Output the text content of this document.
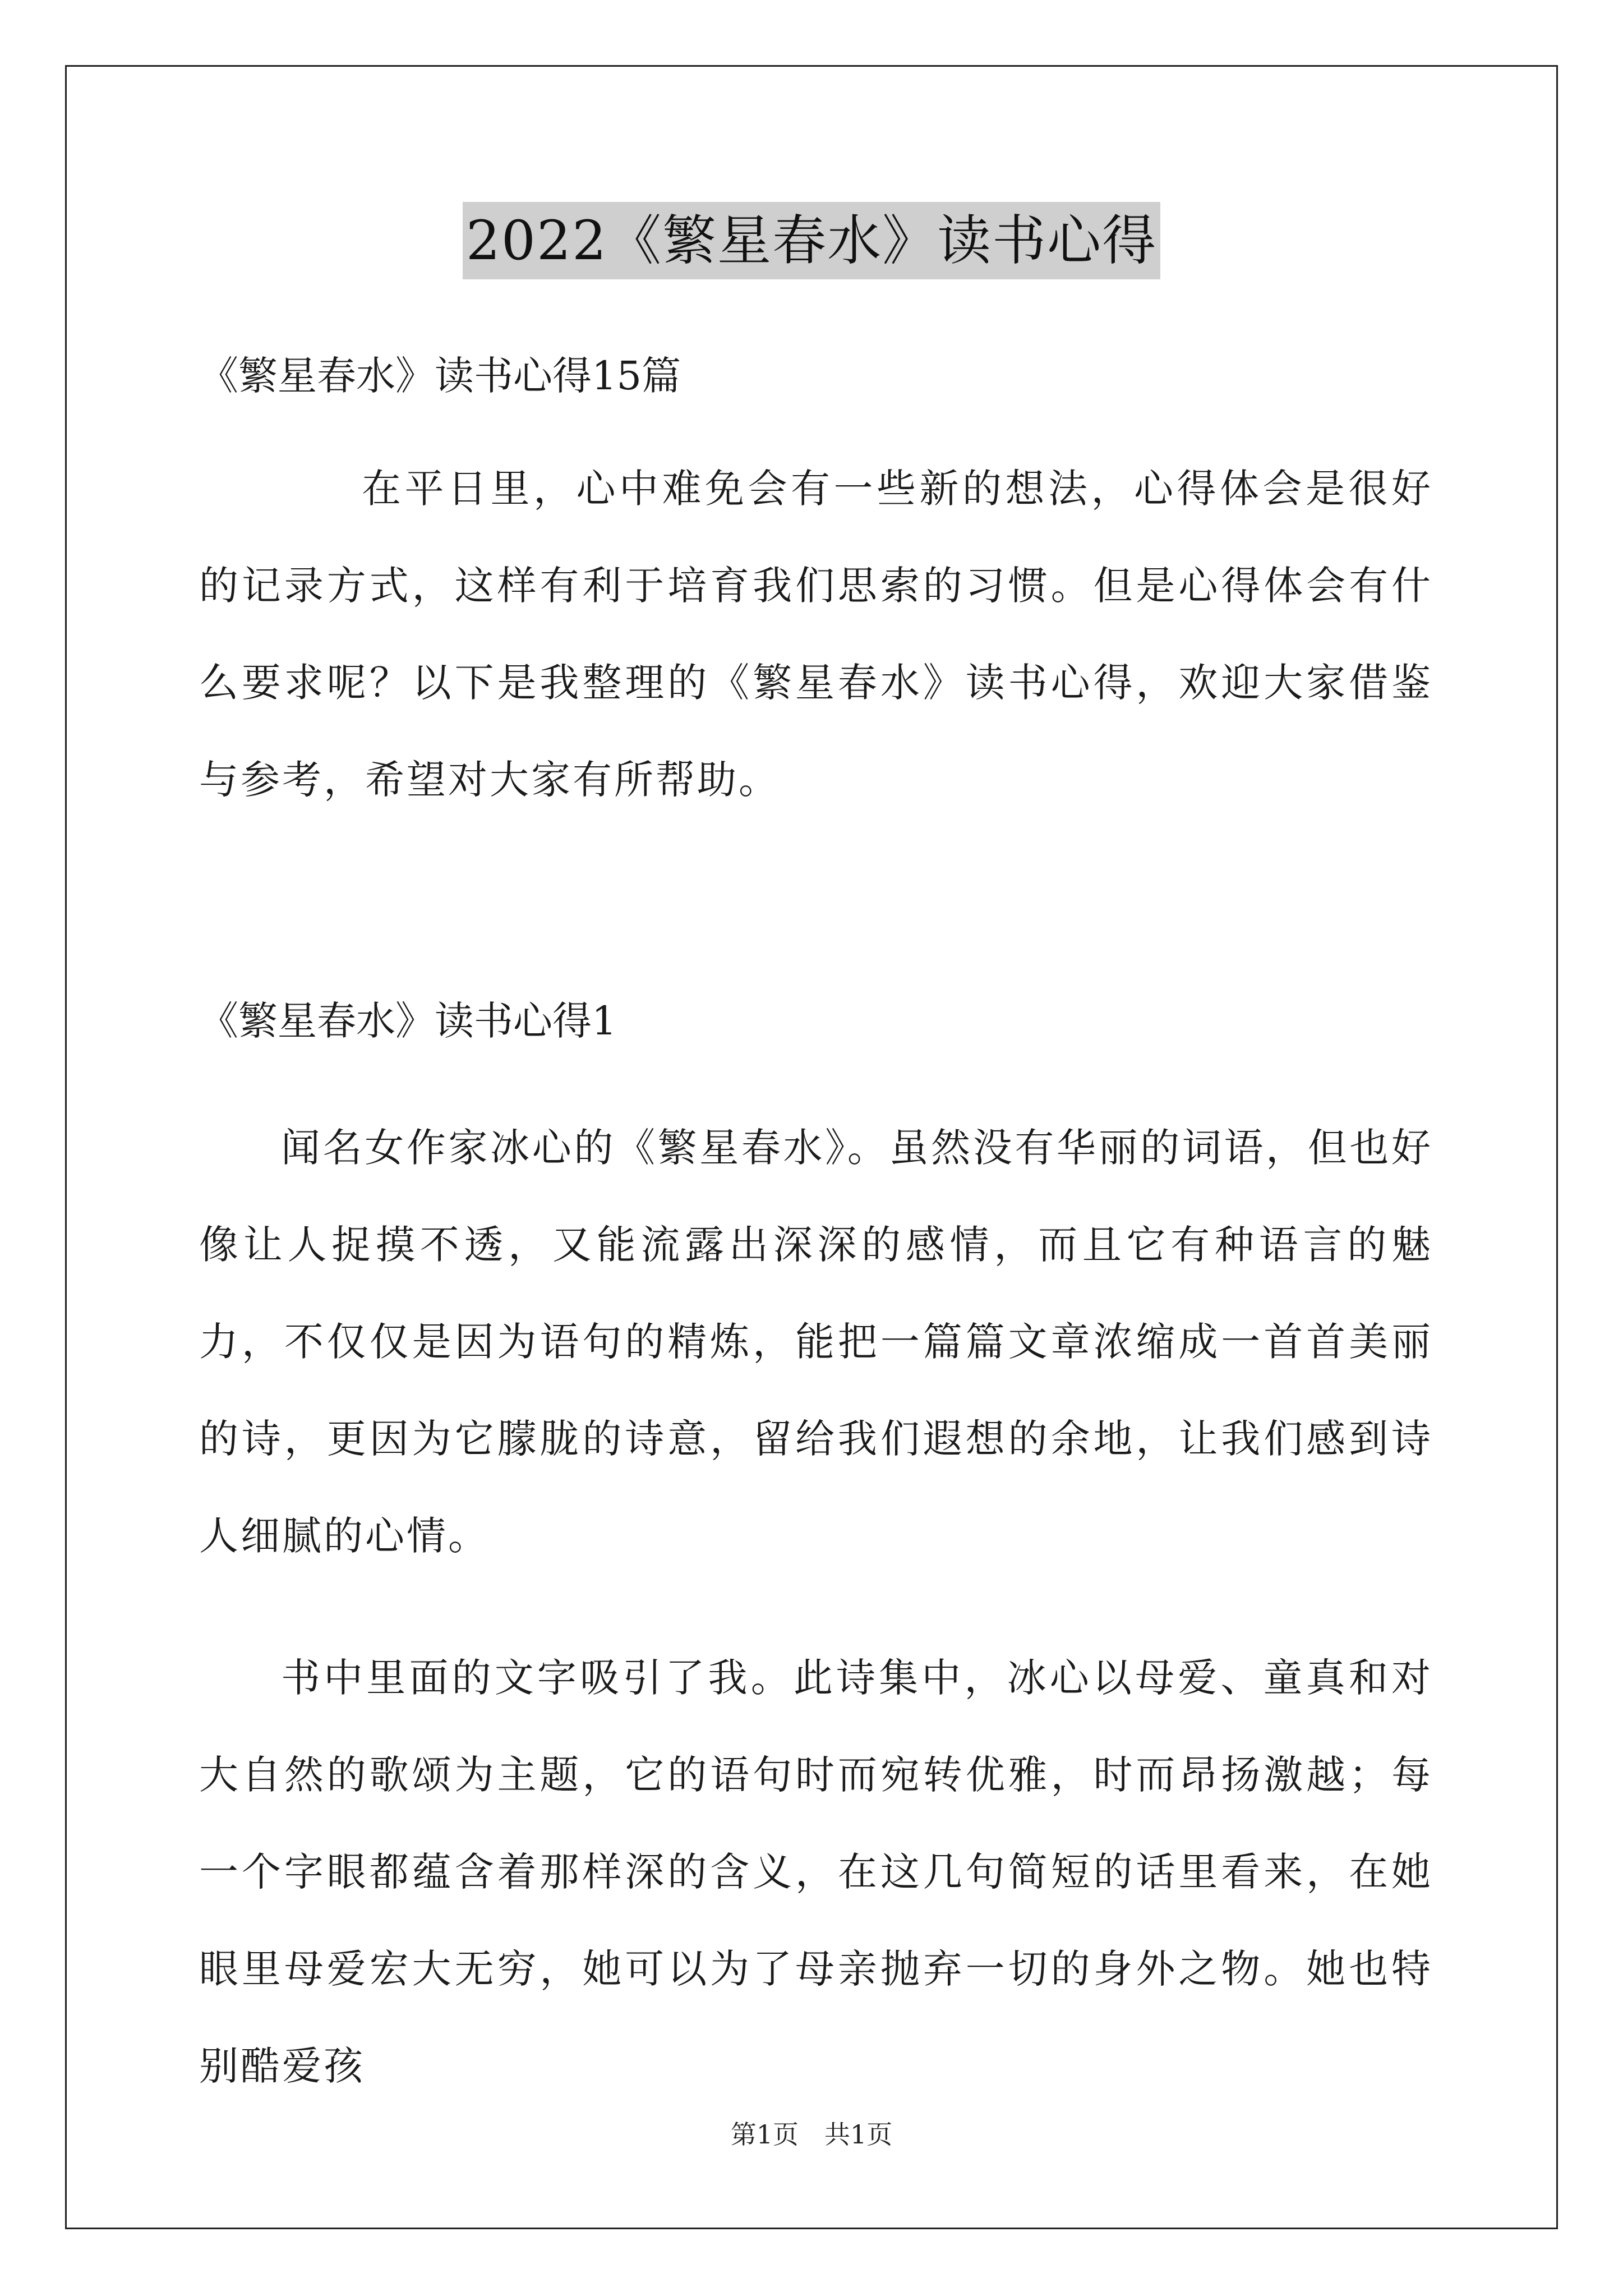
2022《繁星春水》读书心得
《繁星春水》读书心得15篇
在平日里，心中难免会有一些新的想法，心得体会是很好的记录方式，这样有利于培育我们思索的习惯。但是心得体会有什么要求呢？以下是我整理的《繁星春水》读书心得，欢迎大家借鉴与参考，希望对大家有所帮助。
《繁星春水》读书心得1
闻名女作家冰心的《繁星春水》。虽然没有华丽的词语，但也好像让人捉摸不透，又能流露出深深的感情，而且它有种语言的魅力，不仅仅是因为语句的精炼，能把一篇篇文章浓缩成一首首美丽的诗，更因为它朦胧的诗意，留给我们遐想的余地，让我们感到诗人细腻的心情。
书中里面的文字吸引了我。此诗集中，冰心以母爱、童真和对大自然的歌颂为主题，它的语句时而宛转优雅，时而昂扬激越；每一个字眼都蕴含着那样深的含义，在这几句简短的话里看来，在她眼里母爱宏大无穷，她可以为了母亲抛弃一切的身外之物。她也特别酷爱孩
第1页　共1页
